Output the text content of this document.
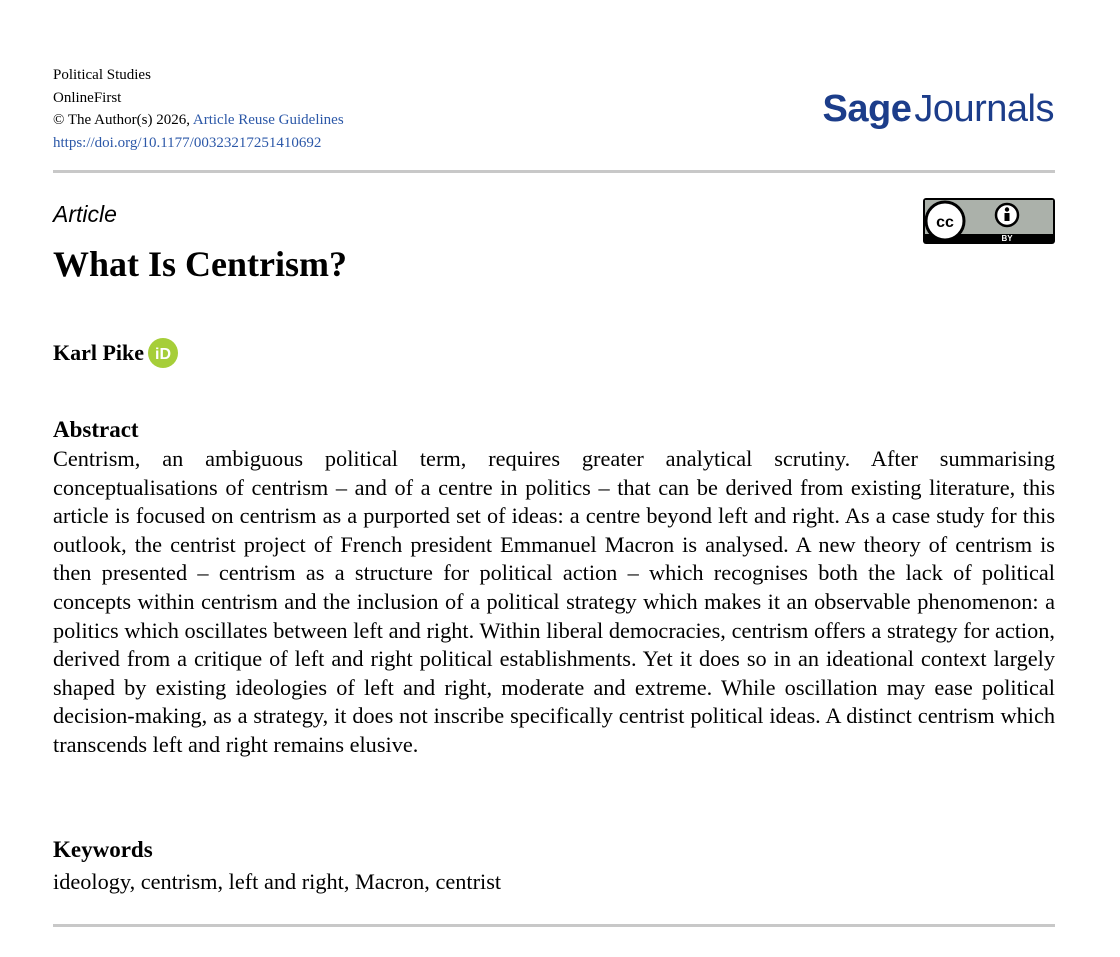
Political Studies
OnlineFirst
© The Author(s) 2026, Article Reuse Guidelines
https://doi.org/10.1177/00323217251410692
SageJournals
Article	cc
BY
What Is Centrism?
Karl Pike iD
Abstract

Centrism, an ambiguous political term, requires greater analytical scrutiny. After summarising conceptualisations of centrism – and of a centre in politics – that can be derived from existing literature, this article is focused on centrism as a purported set of ideas: a centre beyond left and right. As a case study for this outlook, the centrist project of French president Emmanuel Macron is analysed. A new theory of centrism is then presented – centrism as a structure for political action – which recognises both the lack of political concepts within centrism and the inclusion of a political strategy which makes it an observable phenomenon: a politics which oscillates between left and right. Within liberal democracies, centrism offers a strategy for action, derived from a critique of left and right political establishments. Yet it does so in an ideational context largely shaped by existing ideologies of left and right, moderate and extreme. While oscillation may ease political decision-making, as a strategy, it does not inscribe specifically centrist political ideas. A distinct centrism which transcends left and right remains elusive.

Keywords
ideology, centrism, left and right, Macron, centrist
